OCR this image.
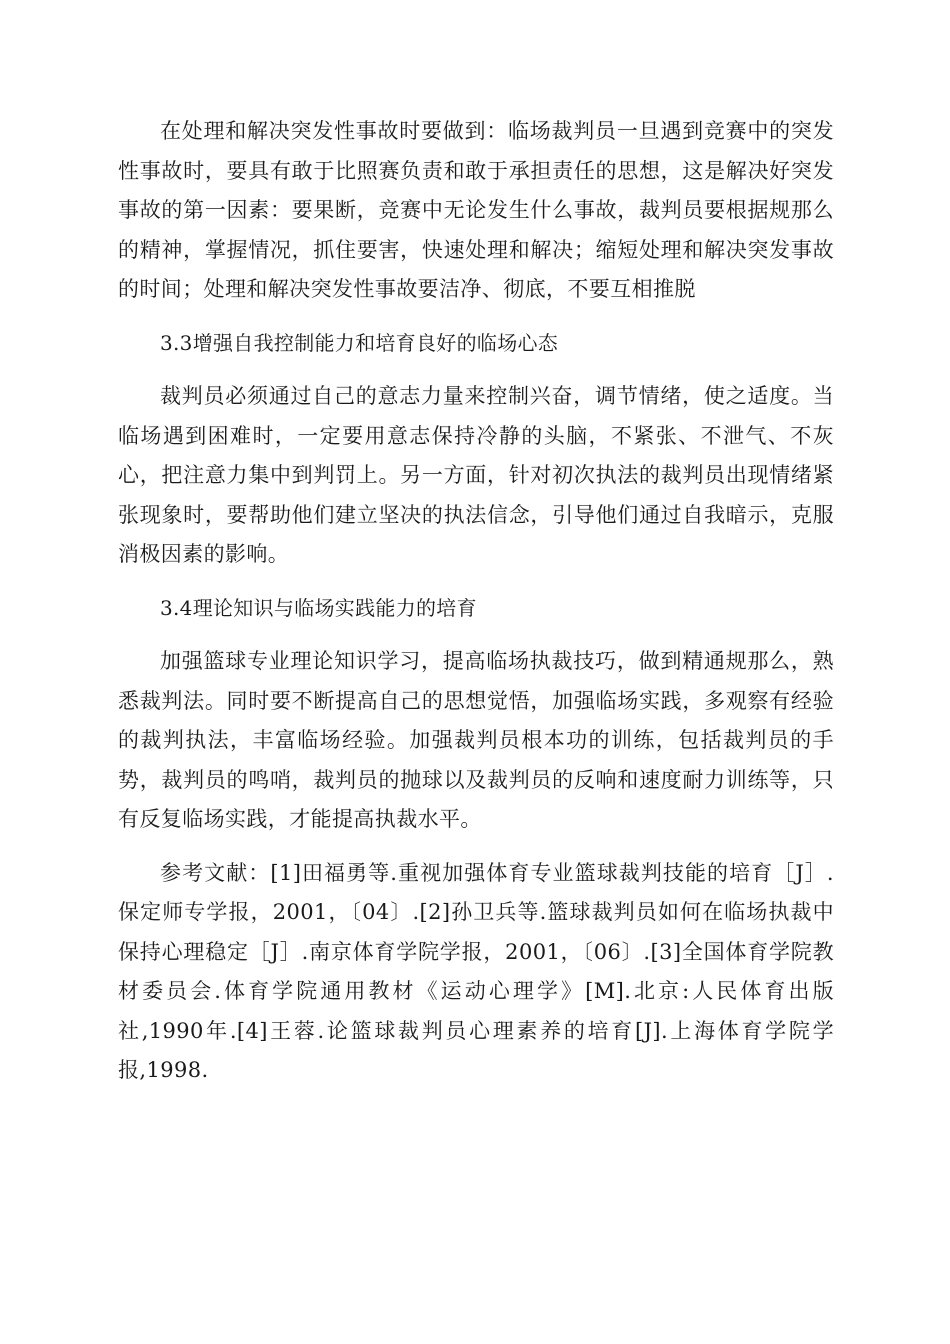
在处理和解决突发性事故时要做到：临场裁判员一旦遇到竞赛中的突发性事故时，要具有敢于比照赛负责和敢于承担责任的思想，这是解决好突发事故的第一因素：要果断，竞赛中无论发生什么事故，裁判员要根据规那么的精神，掌握情况，抓住要害，快速处理和解决；缩短处理和解决突发事故的时间；处理和解决突发性事故要洁净、彻底，不要互相推脱

3.3增强自我控制能力和培育良好的临场心态

裁判员必须通过自己的意志力量来控制兴奋，调节情绪，使之适度。当临场遇到困难时，一定要用意志保持冷静的头脑，不紧张、不泄气、不灰心，把注意力集中到判罚上。另一方面，针对初次执法的裁判员出现情绪紧张现象时，要帮助他们建立坚决的执法信念，引导他们通过自我暗示，克服消极因素的影响。

3.4理论知识与临场实践能力的培育

加强篮球专业理论知识学习，提高临场执裁技巧，做到精通规那么，熟悉裁判法。同时要不断提高自己的思想觉悟，加强临场实践，多观察有经验的裁判执法，丰富临场经验。加强裁判员根本功的训练，包括裁判员的手势，裁判员的鸣哨，裁判员的抛球以及裁判员的反响和速度耐力训练等，只有反复临场实践，才能提高执裁水平。

参考文献：[1]田福勇等.重视加强体育专业篮球裁判技能的培育［J］.保定师专学报，2001，〔04〕.[2]孙卫兵等.篮球裁判员如何在临场执裁中保持心理稳定［J］.南京体育学院学报，2001，〔06〕.[3]全国体育学院教材委员会.体育学院通用教材《运动心理学》[M].北京:人民体育出版社,1990年.[4]王蓉.论篮球裁判员心理素养的培育[J].上海体育学院学报,1998.
